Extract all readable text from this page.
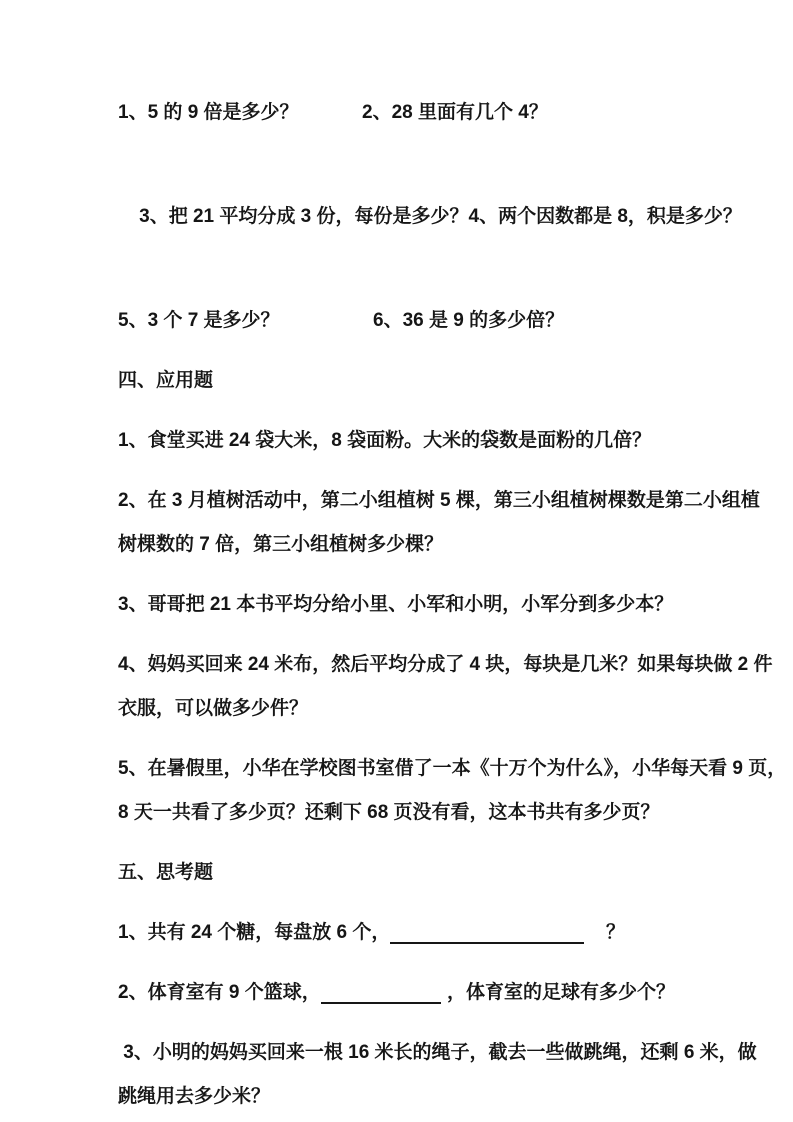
1、5 的 9 倍是多少？	2、28 里面有几个 4？

3、把 21 平均分成 3 份，每份是多少？4、两个因数都是 8，积是多少？

5、3 个 7 是多少？	6、36 是 9 的多少倍？
四、应用题
1、食堂买进 24 袋大米，8 袋面粉。大米的袋数是面粉的几倍？
2、在 3 月植树活动中，第二小组植树 5 棵，第三小组植树棵数是第二小组植
树棵数的 7 倍，第三小组植树多少棵？
3、哥哥把 21 本书平均分给小里、小军和小明，小军分到多少本？
4、妈妈买回来 24 米布，然后平均分成了 4 块，每块是几米？如果每块做 2 件
衣服，可以做多少件？
5、在暑假里，小华在学校图书室借了一本《十万个为什么》，小华每天看 9 页，
8 天一共看了多少页？还剩下 68 页没有看，这本书共有多少页？
五、思考题
1、共有 24 个糖，每盘放 6 个，	？
2、体育室有 9 个篮球，	，体育室的足球有多少个？
3、小明的妈妈买回来一根 16 米长的绳子，截去一些做跳绳，还剩 6 米，做
跳绳用去多少米？
